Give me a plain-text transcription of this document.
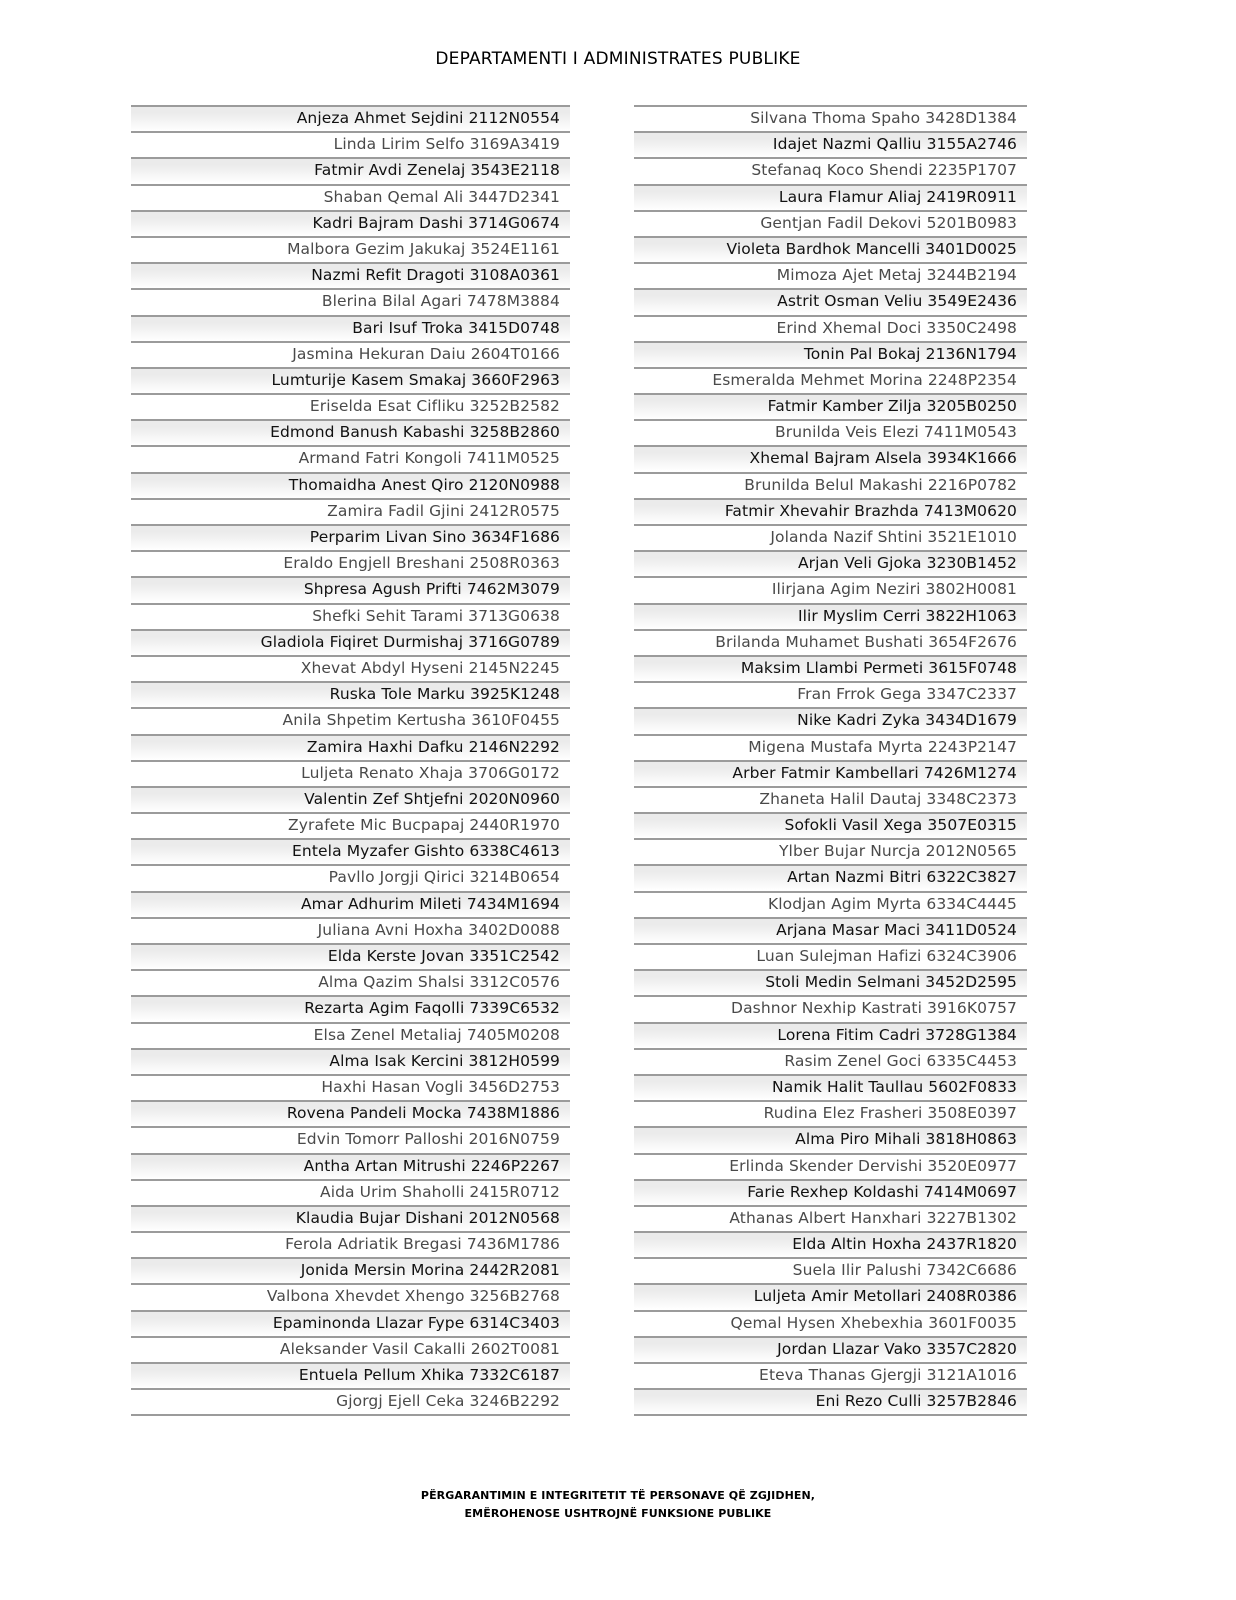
DEPARTAMENTI I ADMINISTRATES PUBLIKE
Anjeza Ahmet Sejdini 2112N0554
Linda Lirim Selfo 3169A3419
Fatmir Avdi Zenelaj 3543E2118
Shaban Qemal Ali 3447D2341
Kadri Bajram Dashi 3714G0674
Malbora Gezim Jakukaj 3524E1161
Nazmi Refit Dragoti 3108A0361
Blerina Bilal Agari 7478M3884
Bari Isuf Troka 3415D0748
Jasmina Hekuran Daiu 2604T0166
Lumturije Kasem Smakaj 3660F2963
Eriselda Esat Cifliku 3252B2582
Edmond Banush Kabashi 3258B2860
Armand Fatri Kongoli 7411M0525
Thomaidha Anest Qiro 2120N0988
Zamira Fadil Gjini 2412R0575
Perparim Livan Sino 3634F1686
Eraldo Engjell Breshani 2508R0363
Shpresa Agush Prifti 7462M3079
Shefki Sehit Tarami 3713G0638
Gladiola Fiqiret Durmishaj 3716G0789
Xhevat Abdyl Hyseni 2145N2245
Ruska Tole Marku 3925K1248
Anila Shpetim Kertusha 3610F0455
Zamira Haxhi Dafku 2146N2292
Luljeta Renato Xhaja 3706G0172
Valentin Zef Shtjefni 2020N0960
Zyrafete Mic Bucpapaj 2440R1970
Entela Myzafer Gishto 6338C4613
Pavllo Jorgji Qirici 3214B0654
Amar Adhurim Mileti 7434M1694
Juliana Avni Hoxha 3402D0088
Elda Kerste Jovan 3351C2542
Alma Qazim Shalsi 3312C0576
Rezarta Agim Faqolli 7339C6532
Elsa Zenel Metaliaj 7405M0208
Alma Isak Kercini 3812H0599
Haxhi Hasan Vogli 3456D2753
Rovena Pandeli Mocka 7438M1886
Edvin Tomorr Palloshi 2016N0759
Antha Artan Mitrushi 2246P2267
Aida Urim Shaholli 2415R0712
Klaudia Bujar Dishani 2012N0568
Ferola Adriatik Bregasi 7436M1786
Jonida Mersin Morina 2442R2081
Valbona Xhevdet Xhengo 3256B2768
Epaminonda Llazar Fype 6314C3403
Aleksander Vasil Cakalli 2602T0081
Entuela Pellum Xhika 7332C6187
Gjorgj Ejell Ceka 3246B2292
Silvana Thoma Spaho 3428D1384
Idajet Nazmi Qalliu 3155A2746
Stefanaq Koco Shendi 2235P1707
Laura Flamur Aliaj 2419R0911
Gentjan Fadil Dekovi 5201B0983
Violeta Bardhok Mancelli 3401D0025
Mimoza Ajet Metaj 3244B2194
Astrit Osman Veliu 3549E2436
Erind Xhemal Doci 3350C2498
Tonin Pal Bokaj 2136N1794
Esmeralda Mehmet Morina 2248P2354
Fatmir Kamber Zilja 3205B0250
Brunilda Veis Elezi 7411M0543
Xhemal Bajram Alsela 3934K1666
Brunilda Belul Makashi 2216P0782
Fatmir Xhevahir Brazhda 7413M0620
Jolanda Nazif Shtini 3521E1010
Arjan Veli Gjoka 3230B1452
Ilirjana Agim Neziri 3802H0081
Ilir Myslim Cerri 3822H1063
Brilanda Muhamet Bushati 3654F2676
Maksim Llambi Permeti 3615F0748
Fran Frrok Gega 3347C2337
Nike Kadri Zyka 3434D1679
Migena Mustafa Myrta 2243P2147
Arber Fatmir Kambellari 7426M1274
Zhaneta Halil Dautaj 3348C2373
Sofokli Vasil Xega 3507E0315
Ylber Bujar Nurcja 2012N0565
Artan Nazmi Bitri 6322C3827
Klodjan Agim Myrta 6334C4445
Arjana Masar Maci 3411D0524
Luan Sulejman Hafizi 6324C3906
Stoli Medin Selmani 3452D2595
Dashnor Nexhip Kastrati 3916K0757
Lorena Fitim Cadri 3728G1384
Rasim Zenel Goci 6335C4453
Namik Halit Taullau 5602F0833
Rudina Elez Frasheri 3508E0397
Alma Piro Mihali 3818H0863
Erlinda Skender Dervishi 3520E0977
Farie Rexhep Koldashi 7414M0697
Athanas Albert Hanxhari 3227B1302
Elda Altin Hoxha 2437R1820
Suela Ilir Palushi 7342C6686
Luljeta Amir Metollari 2408R0386
Qemal Hysen Xhebexhia 3601F0035
Jordan Llazar Vako 3357C2820
Eteva Thanas Gjergji 3121A1016
Eni Rezo Culli 3257B2846
PËRGARANTIMIN E INTEGRITETIT TË PERSONAVE QË ZGJIDHEN,
EMËROHENOSE USHTROJNË FUNKSIONE PUBLIKE
